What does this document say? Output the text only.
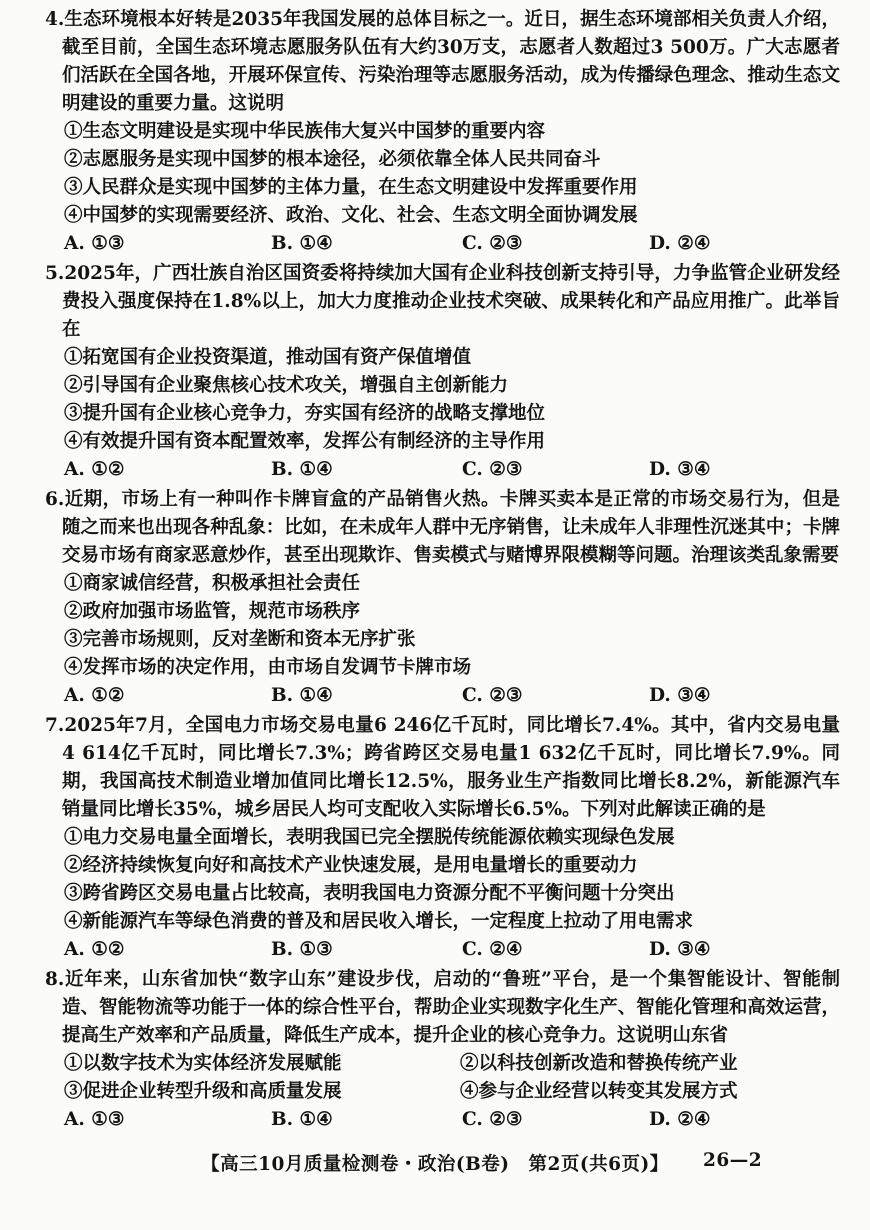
4.生态环境根本好转是2035年我国发展的总体目标之一。近日，据生态环境部相关负责人介绍，截至目前，全国生态环境志愿服务队伍有大约30万支，志愿者人数超过3 500万。广大志愿者们活跃在全国各地，开展环保宣传、污染治理等志愿服务活动，成为传播绿色理念、推动生态文明建设的重要力量。这说明
①生态文明建设是实现中华民族伟大复兴中国梦的重要内容
②志愿服务是实现中国梦的根本途径，必须依靠全体人民共同奋斗
③人民群众是实现中国梦的主体力量，在生态文明建设中发挥重要作用
④中国梦的实现需要经济、政治、文化、社会、生态文明全面协调发展
A. ①③	B. ①④	C. ②③	D. ②④
5.2025年，广西壮族自治区国资委将持续加大国有企业科技创新支持引导，力争监管企业研发经费投入强度保持在1.8%以上，加大力度推动企业技术突破、成果转化和产品应用推广。此举旨在
①拓宽国有企业投资渠道，推动国有资产保值增值
②引导国有企业聚焦核心技术攻关，增强自主创新能力
③提升国有企业核心竞争力，夯实国有经济的战略支撑地位
④有效提升国有资本配置效率，发挥公有制经济的主导作用
A. ①②	B. ①④	C. ②③	D. ③④
6.近期，市场上有一种叫作卡牌盲盒的产品销售火热。卡牌买卖本是正常的市场交易行为，但是随之而来也出现各种乱象：比如，在未成年人群中无序销售，让未成年人非理性沉迷其中；卡牌交易市场有商家恶意炒作，甚至出现欺诈、售卖模式与赌博界限模糊等问题。治理该类乱象需要
①商家诚信经营，积极承担社会责任
②政府加强市场监管，规范市场秩序
③完善市场规则，反对垄断和资本无序扩张
④发挥市场的决定作用，由市场自发调节卡牌市场
A. ①②	B. ①④	C. ②③	D. ③④
7.2025年7月，全国电力市场交易电量6 246亿千瓦时，同比增长7.4%。其中，省内交易电量4 614亿千瓦时，同比增长7.3%；跨省跨区交易电量1 632亿千瓦时，同比增长7.9%。同期，我国高技术制造业增加值同比增长12.5%，服务业生产指数同比增长8.2%，新能源汽车销量同比增长35%，城乡居民人均可支配收入实际增长6.5%。下列对此解读正确的是
①电力交易电量全面增长，表明我国已完全摆脱传统能源依赖实现绿色发展
②经济持续恢复向好和高技术产业快速发展，是用电量增长的重要动力
③跨省跨区交易电量占比较高，表明我国电力资源分配不平衡问题十分突出
④新能源汽车等绿色消费的普及和居民收入增长，一定程度上拉动了用电需求
A. ①②	B. ①③	C. ②④	D. ③④
8.近年来，山东省加快“数字山东”建设步伐，启动的“鲁班”平台，是一个集智能设计、智能制造、智能物流等功能于一体的综合性平台，帮助企业实现数字化生产、智能化管理和高效运营，提高生产效率和产品质量，降低生产成本，提升企业的核心竞争力。这说明山东省
①以数字技术为实体经济发展赋能	②以科技创新改造和替换传统产业
③促进企业转型升级和高质量发展	④参与企业经营以转变其发展方式
A. ①③	B. ①④	C. ②③	D. ②④
【高三10月质量检测卷・政治(B卷)　第2页(共6页)】 26—2
